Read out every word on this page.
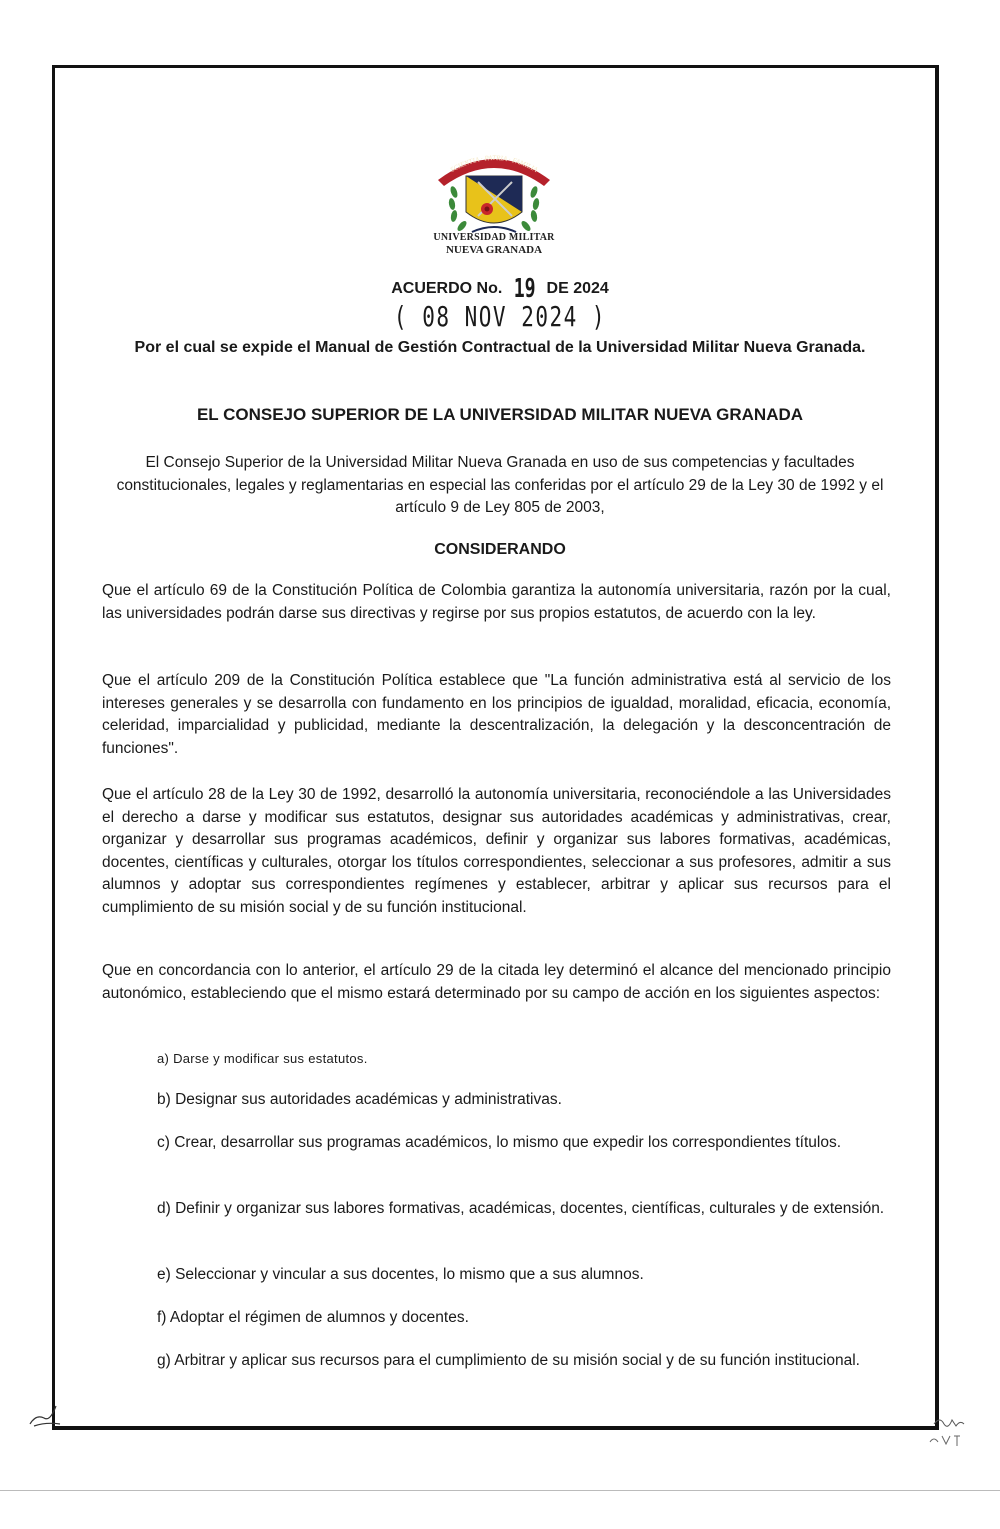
SCIENTIA · PATRIA · FAMILIA
UNIVERSIDAD MILITAR
NUEVA GRANADA
ACUERDO No. 19 DE 2024
( 08 NOV 2024 )
Por el cual se expide el Manual de Gestión Contractual de la Universidad Militar Nueva Granada.
EL CONSEJO SUPERIOR DE LA UNIVERSIDAD MILITAR NUEVA GRANADA
El Consejo Superior de la Universidad Militar Nueva Granada en uso de sus competencias y facultades constitucionales, legales y reglamentarias en especial las conferidas por el artículo 29 de la Ley 30 de 1992 y el artículo 9 de Ley 805 de 2003,
CONSIDERANDO
Que el artículo 69 de la Constitución Política de Colombia garantiza la autonomía universitaria, razón por la cual, las universidades podrán darse sus directivas y regirse por sus propios estatutos, de acuerdo con la ley.
Que el artículo 209 de la Constitución Política establece que "La función administrativa está al servicio de los intereses generales y se desarrolla con fundamento en los principios de igualdad, moralidad, eficacia, economía, celeridad, imparcialidad y publicidad, mediante la descentralización, la delegación y la desconcentración de funciones".
Que el artículo 28 de la Ley 30 de 1992, desarrolló la autonomía universitaria, reconociéndole a las Universidades el derecho a darse y modificar sus estatutos, designar sus autoridades académicas y administrativas, crear, organizar y desarrollar sus programas académicos, definir y organizar sus labores formativas, académicas, docentes, científicas y culturales, otorgar los títulos correspondientes, seleccionar a sus profesores, admitir a sus alumnos y adoptar sus correspondientes regímenes y establecer, arbitrar y aplicar sus recursos para el cumplimiento de su misión social y de su función institucional.
Que en concordancia con lo anterior, el artículo 29 de la citada ley determinó el alcance del mencionado principio autonómico, estableciendo que el mismo estará determinado por su campo de acción en los siguientes aspectos:
a) Darse y modificar sus estatutos.
b) Designar sus autoridades académicas y administrativas.
c) Crear, desarrollar sus programas académicos, lo mismo que expedir los correspondientes títulos.
d) Definir y organizar sus labores formativas, académicas, docentes, científicas, culturales y de extensión.
e) Seleccionar y vincular a sus docentes, lo mismo que a sus alumnos.
f) Adoptar el régimen de alumnos y docentes.
g) Arbitrar y aplicar sus recursos para el cumplimiento de su misión social y de su función institucional.
